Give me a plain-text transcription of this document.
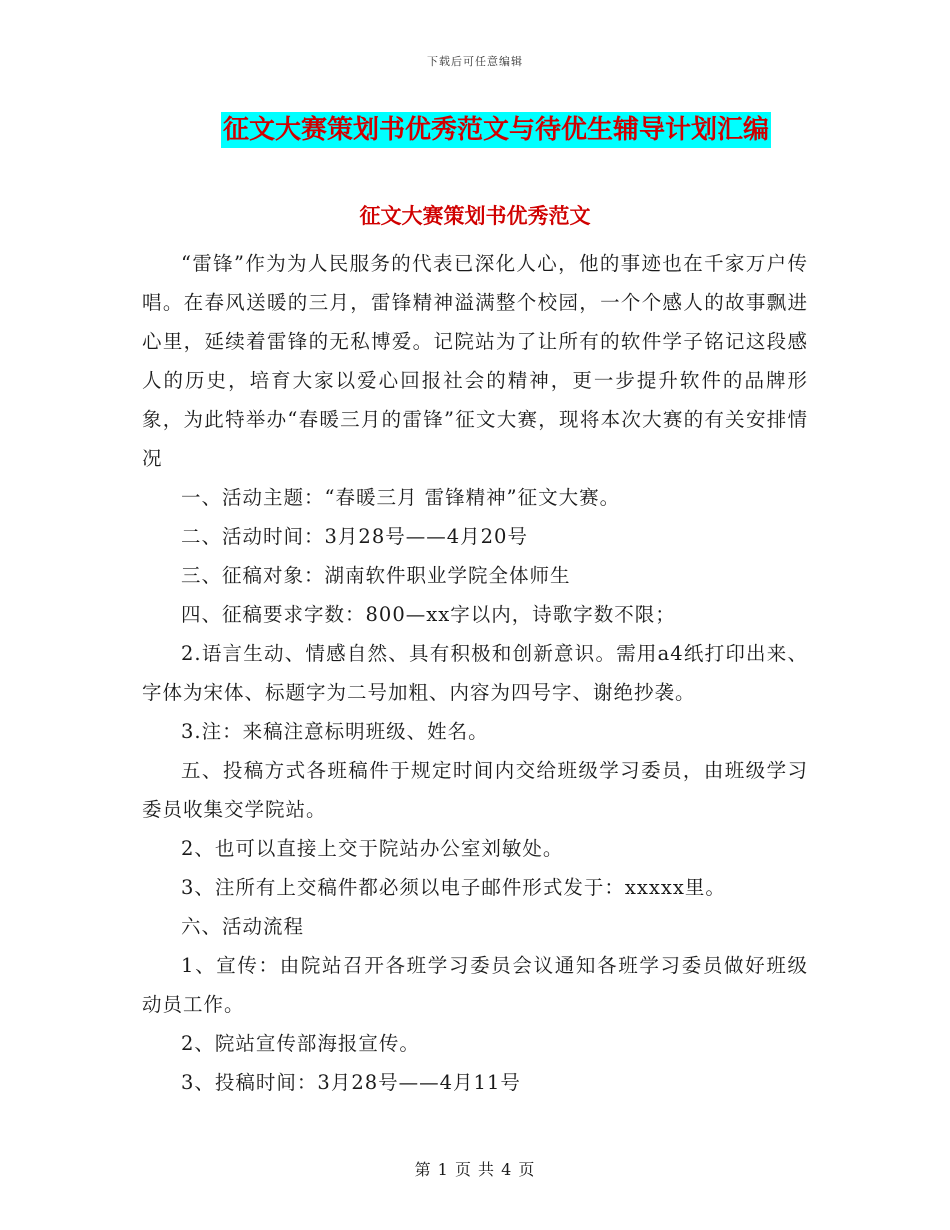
下载后可任意编辑
征文大赛策划书优秀范文与待优生辅导计划汇编
征文大赛策划书优秀范文

“雷锋”作为为人民服务的代表已深化人心，他的事迹也在千家万户传唱。在春风送暖的三月，雷锋精神溢满整个校园，一个个感人的故事飘进心里，延续着雷锋的无私博爱。记院站为了让所有的软件学子铭记这段感人的历史，培育大家以爱心回报社会的精神，更一步提升软件的品牌形象，为此特举办“春暖三月的雷锋”征文大赛，现将本次大赛的有关安排情况

一、活动主题：“春暖三月 雷锋精神”征文大赛。

二、活动时间：3月28号——4月20号

三、征稿对象：湖南软件职业学院全体师生

四、征稿要求字数：800—xx字以内，诗歌字数不限；

2.语言生动、情感自然、具有积极和创新意识。需用a4纸打印出来、字体为宋体、标题字为二号加粗、内容为四号字、谢绝抄袭。

3.注：来稿注意标明班级、姓名。

五、投稿方式各班稿件于规定时间内交给班级学习委员，由班级学习委员收集交学院站。

2、也可以直接上交于院站办公室刘敏处。

3、注所有上交稿件都必须以电子邮件形式发于：xxxxx里。

六、活动流程

1、宣传：由院站召开各班学习委员会议通知各班学习委员做好班级动员工作。

2、院站宣传部海报宣传。

3、投稿时间：3月28号——4月11号

第 1 页 共 4 页
